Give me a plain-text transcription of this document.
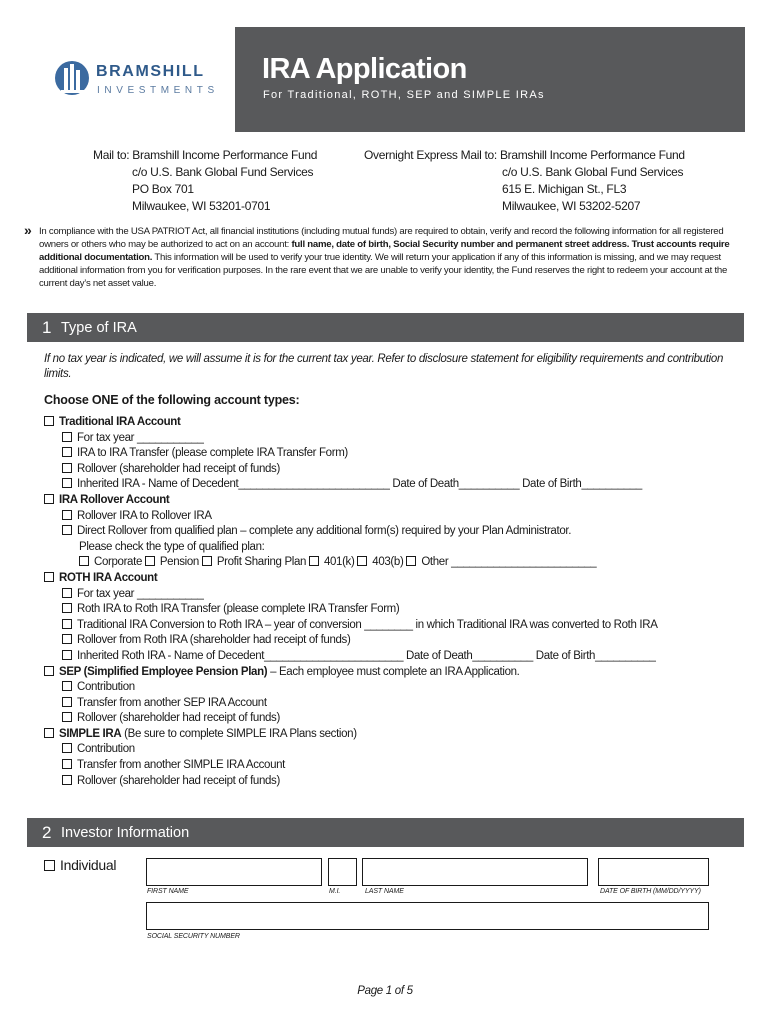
BRAMSHILL
INVESTMENTS
IRA Application
For Traditional, ROTH, SEP and SIMPLE IRAs
Mail to: Bramshill Income Performance Fund
c/o U.S. Bank Global Fund Services
PO Box 701
Milwaukee, WI 53201-0701
Overnight Express Mail to: Bramshill Income Performance Fund
c/o U.S. Bank Global Fund Services
615 E. Michigan St., FL3
Milwaukee, WI 53202-5207
» In compliance with the USA PATRIOT Act, all financial institutions (including mutual funds) are required to obtain, verify and record the following information for all registered owners or others who may be authorized to act on an account: full name, date of birth, Social Security number and permanent street address. Trust accounts require additional documentation. This information will be used to verify your true identity. We will return your application if any of this information is missing, and we may request additional information from you for verification purposes. In the rare event that we are unable to verify your identity, the Fund reserves the right to redeem your account at the current day’s net asset value.
1 Type of IRA
If no tax year is indicated, we will assume it is for the current tax year. Refer to disclosure statement for eligibility requirements and contribution limits.
Choose ONE of the following account types:
Traditional IRA Account
For tax year ___________
IRA to IRA Transfer (please complete IRA Transfer Form)
Rollover (shareholder had receipt of funds)
Inherited IRA - Name of Decedent_________________________ Date of Death__________ Date of Birth__________
IRA Rollover Account
Rollover IRA to Rollover IRA
Direct Rollover from qualified plan – complete any additional form(s) required by your Plan Administrator.
Please check the type of qualified plan:
Corporate Pension Profit Sharing Plan 401(k) 403(b) Other ________________________
ROTH IRA Account
For tax year ___________
Roth IRA to Roth IRA Transfer (please complete IRA Transfer Form)
Traditional IRA Conversion to Roth IRA – year of conversion ________ in which Traditional IRA was converted to Roth IRA
Rollover from Roth IRA (shareholder had receipt of funds)
Inherited Roth IRA - Name of Decedent_______________________ Date of Death__________ Date of Birth__________
SEP (Simplified Employee Pension Plan) – Each employee must complete an IRA Application.
Contribution
Transfer from another SEP IRA Account
Rollover (shareholder had receipt of funds)
SIMPLE IRA (Be sure to complete SIMPLE IRA Plans section)
Contribution
Transfer from another SIMPLE IRA Account
Rollover (shareholder had receipt of funds)
2 Investor Information
Individual
FIRST NAME	M.I.	LAST NAME	DATE OF BIRTH (MM/DD/YYYY)
SOCIAL SECURITY NUMBER
Page 1 of 5
